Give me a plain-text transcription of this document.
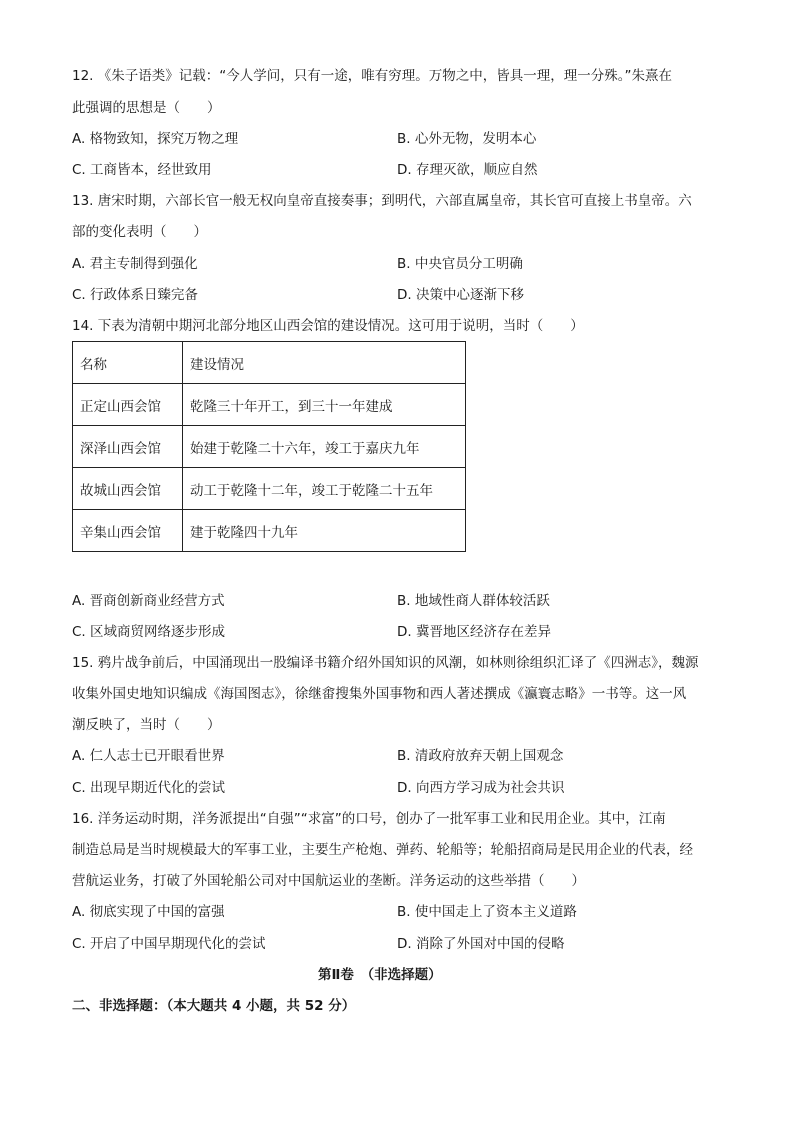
12. 《朱子语类》记载：“今人学问，只有一途，唯有穷理。万物之中，皆具一理，理一分殊。”朱熹在
此强调的思想是（　　）
A. 格物致知，探究万物之理	B. 心外无物，发明本心
C. 工商皆本，经世致用	D. 存理灭欲，顺应自然
13. 唐宋时期，六部长官一般无权向皇帝直接奏事；到明代，六部直属皇帝，其长官可直接上书皇帝。六
部的变化表明（　　）
A. 君主专制得到强化	B. 中央官员分工明确
C. 行政体系日臻完备	D. 决策中心逐渐下移
14. 下表为清朝中期河北部分地区山西会馆的建设情况。这可用于说明，当时（　　）
名称	建设情况
正定山西会馆	乾隆三十年开工，到三十一年建成
深泽山西会馆	始建于乾隆二十六年，竣工于嘉庆九年
故城山西会馆	动工于乾隆十二年，竣工于乾隆二十五年
辛集山西会馆	建于乾隆四十九年
A. 晋商创新商业经营方式	B. 地域性商人群体较活跃
C. 区域商贸网络逐步形成	D. 冀晋地区经济存在差异
15. 鸦片战争前后，中国涌现出一股编译书籍介绍外国知识的风潮，如林则徐组织汇译了《四洲志》，魏源
收集外国史地知识编成《海国图志》，徐继畬搜集外国事物和西人著述撰成《瀛寰志略》一书等。这一风
潮反映了，当时（　　）
A. 仁人志士已开眼看世界	B. 清政府放弃天朝上国观念
C. 出现早期近代化的尝试	D. 向西方学习成为社会共识
16. 洋务运动时期，洋务派提出“自强”“求富”的口号，创办了一批军事工业和民用企业。其中，江南
制造总局是当时规模最大的军事工业，主要生产枪炮、弹药、轮船等；轮船招商局是民用企业的代表，经
营航运业务，打破了外国轮船公司对中国航运业的垄断。洋务运动的这些举措（　　）
A. 彻底实现了中国的富强	B. 使中国走上了资本主义道路
C. 开启了中国早期现代化的尝试	D. 消除了外国对中国的侵略
第Ⅱ卷　（非选择题）
二、非选择题：（本大题共 4 小题，共 52 分）
